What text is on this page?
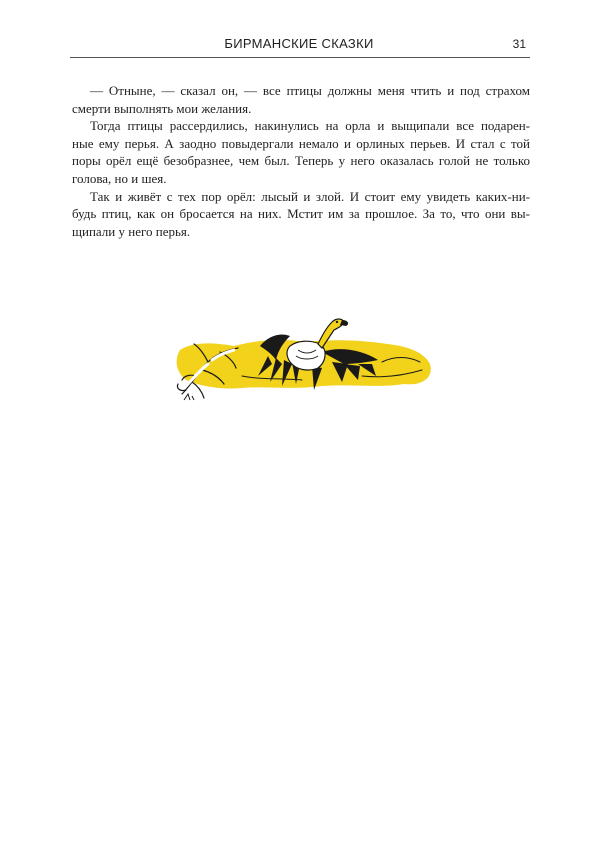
БИРМАНСКИЕ СКАЗКИ	31
— Отныне, — сказал он, — все птицы должны меня чтить и под страхом
смерти выполнять мои желания.
Тогда птицы рассердились, накинулись на орла и выщипали все подарен-
ные ему перья. А заодно повыдергали немало и орлиных перьев. И стал с той
поры орёл ещё безобразнее, чем был. Теперь у него оказалась голой не только
голова, но и шея.
Так и живёт с тех пор орёл: лысый и злой. И стоит ему увидеть каких-ни-
будь птиц, как он бросается на них. Мстит им за прошлое. За то, что они вы-
щипали у него перья.
